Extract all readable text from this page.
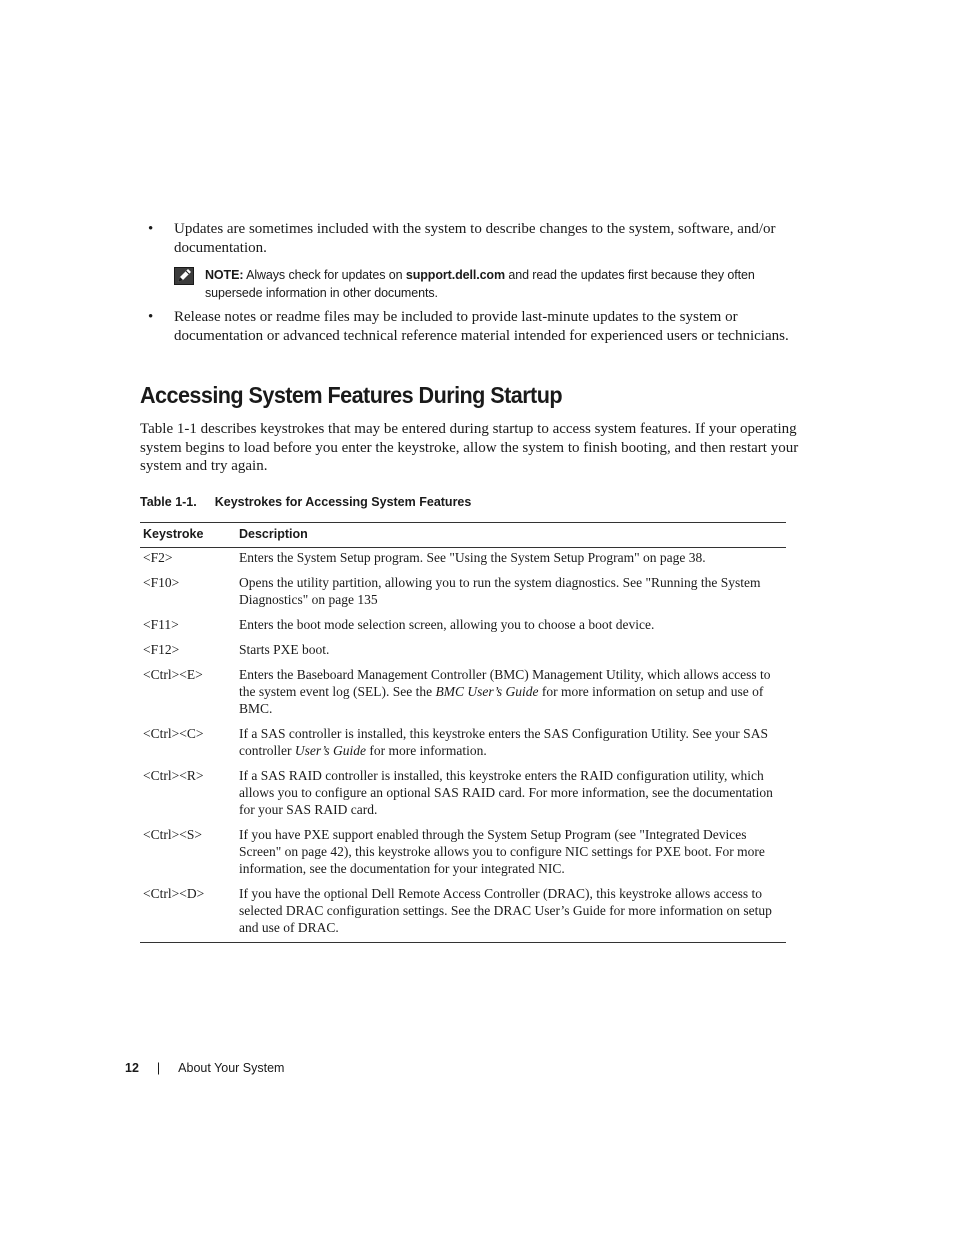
• Updates are sometimes included with the system to describe changes to the system, software, and/or documentation.
NOTE: Always check for updates on support.dell.com and read the updates first because they often supersede information in other documents.
• Release notes or readme files may be included to provide last-minute updates to the system or documentation or advanced technical reference material intended for experienced users or technicians.
Accessing System Features During Startup

Table 1-1 describes keystrokes that may be entered during startup to access system features. If your operating system begins to load before you enter the keystroke, allow the system to finish booting, and then restart your system and try again.

Table 1-1. Keystrokes for Accessing System Features
Keystroke	Description
<F2>	Enters the System Setup program. See "Using the System Setup Program" on page 38.
<F10>	Opens the utility partition, allowing you to run the system diagnostics. See "Running the System Diagnostics" on page 135
<F11>	Enters the boot mode selection screen, allowing you to choose a boot device.
<F12>	Starts PXE boot.
<Ctrl><E>	Enters the Baseboard Management Controller (BMC) Management Utility, which allows access to the system event log (SEL). See the BMC User’s Guide for more information on setup and use of BMC.
<Ctrl><C>	If a SAS controller is installed, this keystroke enters the SAS Configuration Utility. See your SAS controller User’s Guide for more information.
<Ctrl><R>	If a SAS RAID controller is installed, this keystroke enters the RAID configuration utility, which allows you to configure an optional SAS RAID card. For more information, see the documentation for your SAS RAID card.
<Ctrl><S>	If you have PXE support enabled through the System Setup Program (see "Integrated Devices Screen" on page 42), this keystroke allows you to configure NIC settings for PXE boot. For more information, see the documentation for your integrated NIC.
<Ctrl><D>	If you have the optional Dell Remote Access Controller (DRAC), this keystroke allows access to selected DRAC configuration settings. See the DRAC User’s Guide for more information on setup and use of DRAC.
12 | About Your System
